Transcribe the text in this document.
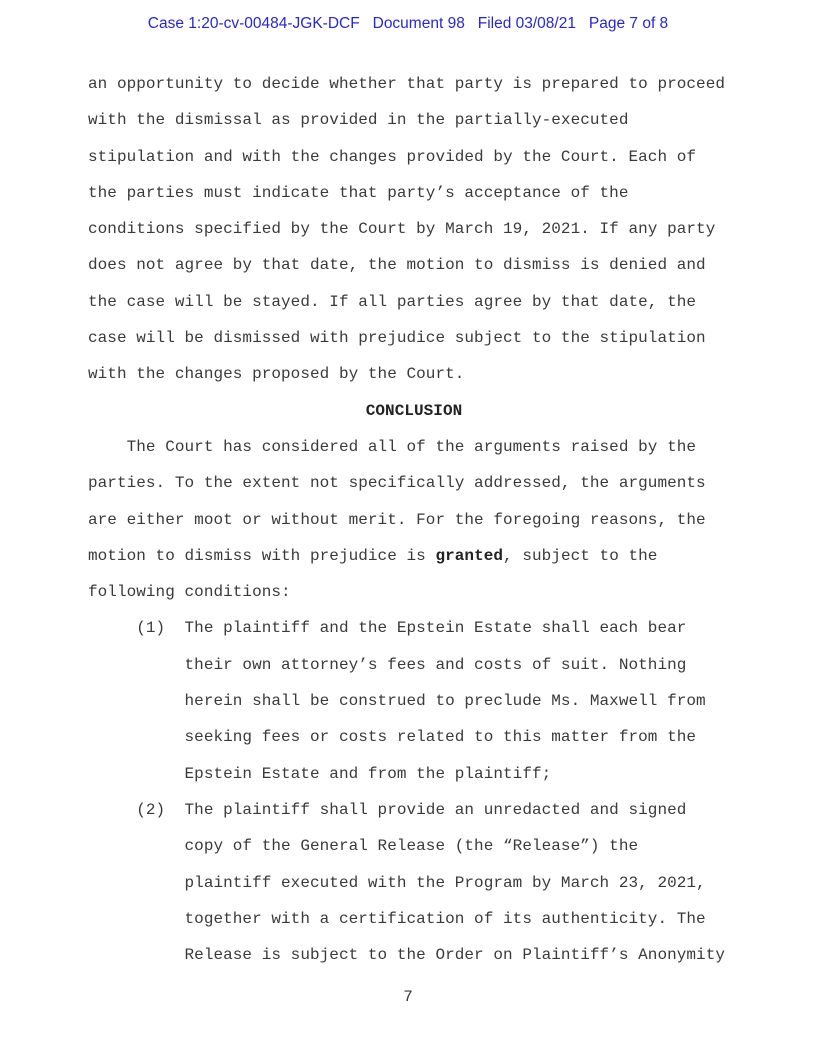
Case 1:20-cv-00484-JGK-DCF   Document 98   Filed 03/08/21   Page 7 of 8
an opportunity to decide whether that party is prepared to proceed
with the dismissal as provided in the partially-executed
stipulation and with the changes provided by the Court. Each of
the parties must indicate that party’s acceptance of the
conditions specified by the Court by March 19, 2021. If any party
does not agree by that date, the motion to dismiss is denied and
the case will be stayed. If all parties agree by that date, the
case will be dismissed with prejudice subject to the stipulation
with the changes proposed by the Court.
CONCLUSION
The Court has considered all of the arguments raised by the
parties. To the extent not specifically addressed, the arguments
are either moot or without merit. For the foregoing reasons, the
motion to dismiss with prejudice is granted, subject to the
following conditions:
(1)  The plaintiff and the Epstein Estate shall each bear
their own attorney’s fees and costs of suit. Nothing
herein shall be construed to preclude Ms. Maxwell from
seeking fees or costs related to this matter from the
Epstein Estate and from the plaintiff;
(2)  The plaintiff shall provide an unredacted and signed
copy of the General Release (the “Release”) the
plaintiff executed with the Program by March 23, 2021,
together with a certification of its authenticity. The
Release is subject to the Order on Plaintiff’s Anonymity
7
